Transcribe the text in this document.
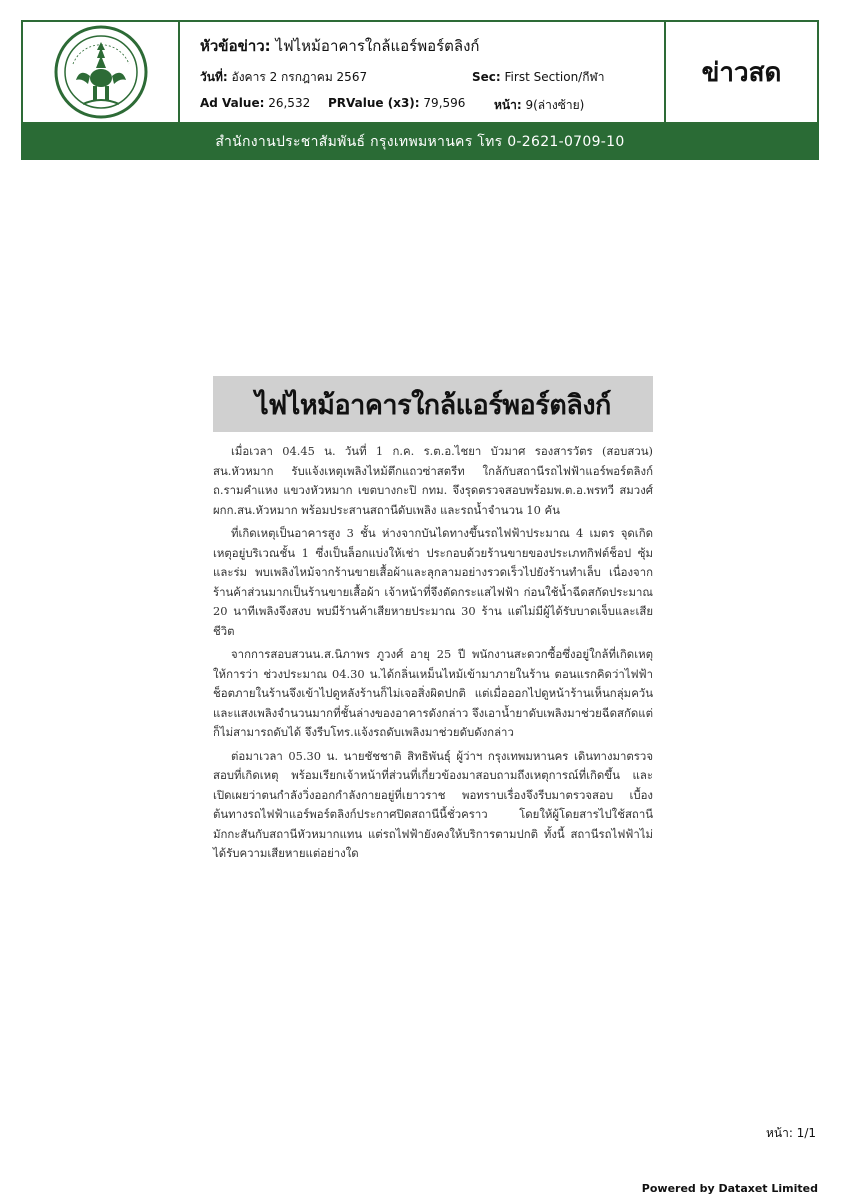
หัวข้อข่าว: ไฟไหม้อาคารใกล้แอร์พอร์ตลิงก์
วันที่: อังคาร 2 กรกฎาคม 2567	Sec: First Section/กีฬา
Ad Value: 26,532 PRValue (x3): 79,596 หน้า: 9(ล่างซ้าย)
ข่าวสด
สำนักงานประชาสัมพันธ์ กรุงเทพมหานคร โทร 0-2621-0709-10
ไฟไหม้อาคารใกล้แอร์พอร์ตลิงก์

เมื่อเวลา 04.45 น. วันที่ 1 ก.ค. ร.ต.อ.ไชยา บัวมาศ รองสารวัตร (สอบสวน) สน.หัวหมาก รับแจ้งเหตุเพลิงไหม้ตึกแถวซ่าสตรีท ใกล้กับสถานีรถไฟฟ้าแอร์พอร์ตลิงก์ ถ.รามคำแหง แขวงหัวหมาก เขตบางกะปิ กทม. จึงรุดตรวจสอบพร้อมพ.ต.อ.พรทวี สมวงศ์ ผกก.สน.หัวหมาก พร้อมประสานสถานีดับเพลิง และรถน้ำจำนวน 10 คัน

ที่เกิดเหตุเป็นอาคารสูง 3 ชั้น ห่างจากบันไดทางขึ้นรถไฟฟ้าประมาณ 4 เมตร จุดเกิดเหตุอยู่บริเวณชั้น 1 ซึ่งเป็นล็อกแบ่งให้เช่า ประกอบด้วยร้านขายของประเภทกิฟต์ช็อป ซุ้ม และร่ม พบเพลิงไหม้จากร้านขายเสื้อผ้าและลุกลามอย่างรวดเร็วไปยังร้านทำเล็บ เนื่องจากร้านค้าส่วนมากเป็นร้านขายเสื้อผ้า เจ้าหน้าที่จึงตัดกระแสไฟฟ้า ก่อนใช้น้ำฉีดสกัดประมาณ 20 นาทีเพลิงจึงสงบ พบมีร้านค้าเสียหายประมาณ 30 ร้าน แต่ไม่มีผู้ได้รับบาดเจ็บและเสียชีวิต

จากการสอบสวนน.ส.นิภาพร ภูวงศ์ อายุ 25 ปี พนักงานสะดวกซื้อซึ่งอยู่ใกล้ที่เกิดเหตุให้การว่า ช่วงประมาณ 04.30 น.ได้กลิ่นเหม็นไหม้เข้ามาภายในร้าน ตอนแรกคิดว่าไฟฟ้าช็อตภายในร้านจึงเข้าไปดูหลังร้านก็ไม่เจอสิ่งผิดปกติ แต่เมื่อออกไปดูหน้าร้านเห็นกลุ่มควันและแสงเพลิงจำนวนมากที่ชั้นล่างของอาคารดังกล่าว จึงเอาน้ำยาดับเพลิงมาช่วยฉีดสกัดแต่ก็ไม่สามารถดับได้ จึงรีบโทร.แจ้งรถดับเพลิงมาช่วยดับดังกล่าว

ต่อมาเวลา 05.30 น. นายชัชชาติ สิทธิพันธุ์ ผู้ว่าฯ กรุงเทพมหานคร เดินทางมาตรวจสอบที่เกิดเหตุ พร้อมเรียกเจ้าหน้าที่ส่วนที่เกี่ยวข้องมาสอบถามถึงเหตุการณ์ที่เกิดขึ้น และเปิดเผยว่าตนกำลังวิ่งออกกำลังกายอยู่ที่เยาวราช พอทราบเรื่องจึงรีบมาตรวจสอบ เบื้องต้นทางรถไฟฟ้าแอร์พอร์ตลิงก์ประกาศปิดสถานีนี้ชั่วคราว โดยให้ผู้โดยสารไปใช้สถานีมักกะสันกับสถานีหัวหมากแทน แต่รถไฟฟ้ายังคงให้บริการตามปกติ ทั้งนี้ สถานีรถไฟฟ้าไม่ได้รับความเสียหายแต่อย่างใด

หน้า: 1/1
Powered by Dataxet Limited
